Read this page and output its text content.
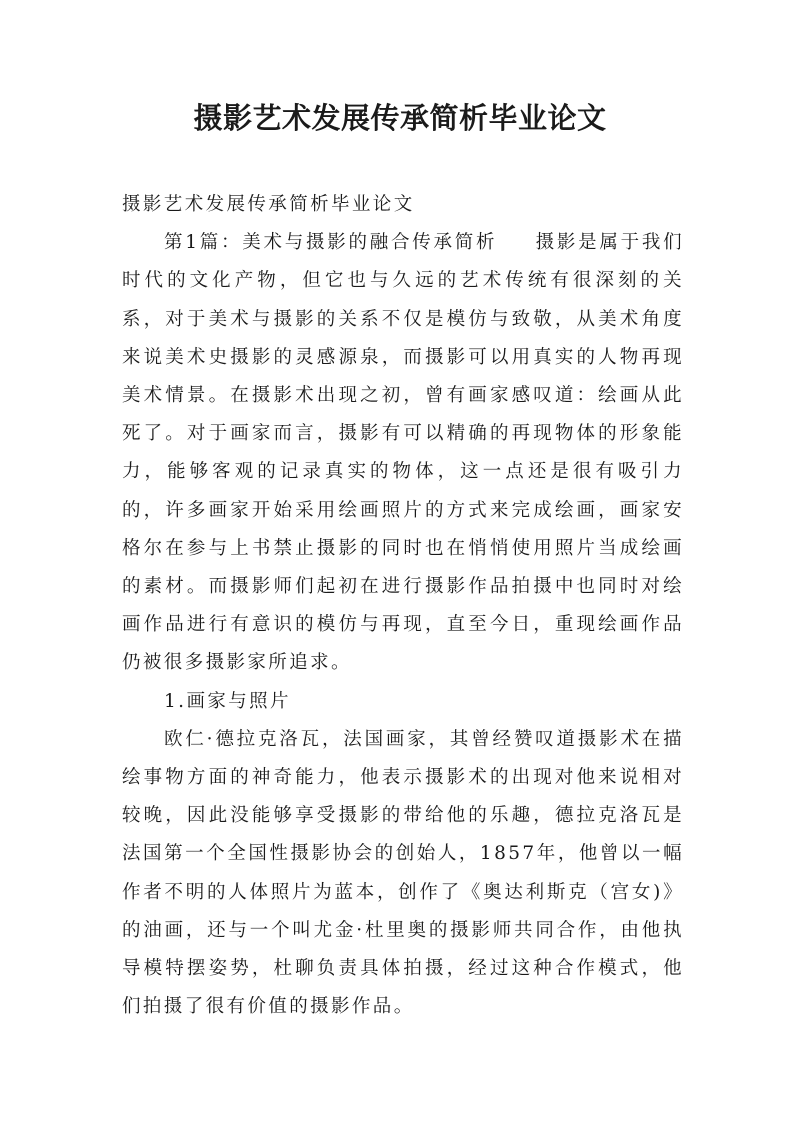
摄影艺术发展传承简析毕业论文

摄影艺术发展传承简析毕业论文

第1篇：美术与摄影的融合传承简析 摄影是属于我们时代的文化产物，但它也与久远的艺术传统有很深刻的关系，对于美术与摄影的关系不仅是模仿与致敬，从美术角度来说美术史摄影的灵感源泉，而摄影可以用真实的人物再现美术情景。在摄影术出现之初，曾有画家感叹道：绘画从此死了。对于画家而言，摄影有可以精确的再现物体的形象能力，能够客观的记录真实的物体，这一点还是很有吸引力的，许多画家开始采用绘画照片的方式来完成绘画，画家安格尔在参与上书禁止摄影的同时也在悄悄使用照片当成绘画的素材。而摄影师们起初在进行摄影作品拍摄中也同时对绘画作品进行有意识的模仿与再现，直至今日，重现绘画作品仍被很多摄影家所追求。

1.画家与照片

欧仁·德拉克洛瓦，法国画家，其曾经赞叹道摄影术在描绘事物方面的神奇能力，他表示摄影术的出现对他来说相对较晚，因此没能够享受摄影的带给他的乐趣，德拉克洛瓦是法国第一个全国性摄影协会的创始人，1857年，他曾以一幅作者不明的人体照片为蓝本，创作了《奥达利斯克（宫女)》的油画，还与一个叫尤金·杜里奥的摄影师共同合作，由他执导模特摆姿势，杜聊负责具体拍摄，经过这种合作模式，他们拍摄了很有价值的摄影作品。
